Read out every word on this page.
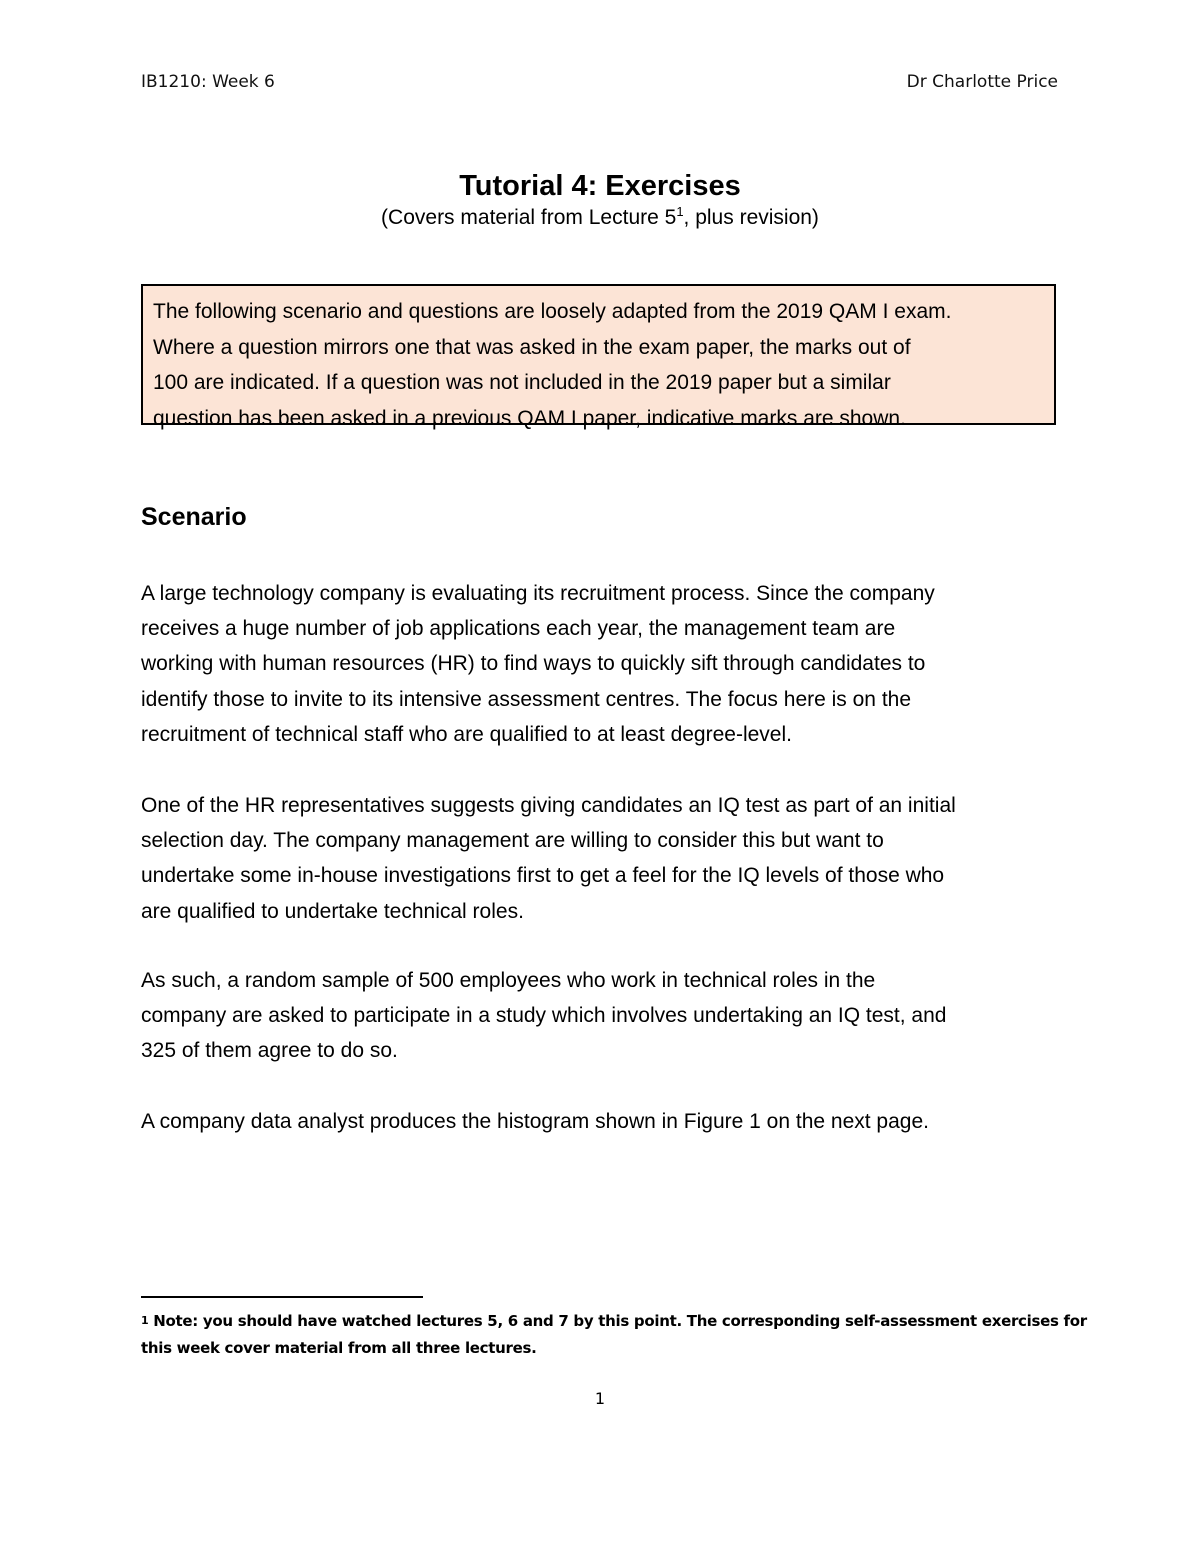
IB1210: Week 6	Dr Charlotte Price
Tutorial 4: Exercises
(Covers material from Lecture $5^1$, plus revision)
The following scenario and questions are loosely adapted from the 2019 QAM I exam.
Where a question mirrors one that was asked in the exam paper, the marks out of
100 are indicated. If a question was not included in the 2019 paper but a similar
question has been asked in a previous QAM I paper, indicative marks are shown.
Scenario
A large technology company is evaluating its recruitment process. Since the company
receives a huge number of job applications each year, the management team are
working with human resources (HR) to find ways to quickly sift through candidates to
identify those to invite to its intensive assessment centres. The focus here is on the
recruitment of technical staff who are qualified to at least degree-level.
One of the HR representatives suggests giving candidates an IQ test as part of an initial
selection day. The company management are willing to consider this but want to
undertake some in-house investigations first to get a feel for the IQ levels of those who
are qualified to undertake technical roles.
As such, a random sample of 500 employees who work in technical roles in the
company are asked to participate in a study which involves undertaking an IQ test, and
325 of them agree to do so.
A company data analyst produces the histogram shown in Figure 1 on the next page.
$^1$ Note: you should have watched lectures 5, 6 and 7 by this point. The corresponding self-assessment exercises for
this week cover material from all three lectures.
1
